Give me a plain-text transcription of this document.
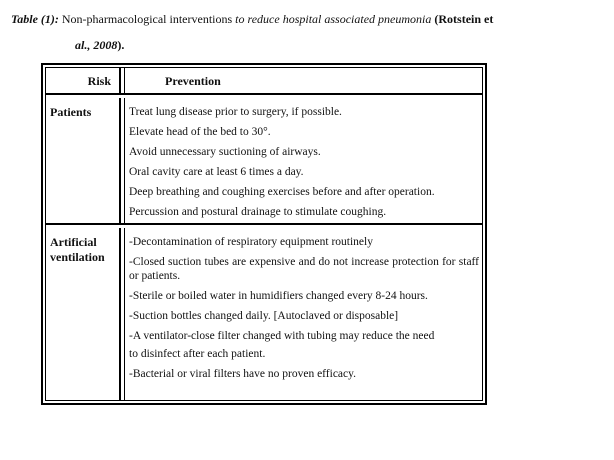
Table (1): Non-pharmacological interventions to reduce hospital associated pneumonia (Rotstein et
al., 2008).
Risk	Prevention
Patients	Treat lung disease prior to surgery, if possible.
Elevate head of the bed to 30°.
Avoid unnecessary suctioning of airways.
Oral cavity care at least 6 times a day.
Deep breathing and coughing exercises before and after operation.
Percussion and postural drainage to stimulate coughing.
Artificial
ventilation
-Decontamination of respiratory equipment routinely
-Closed suction tubes are expensive and do not increase protection for staff or patients.
-Sterile or boiled water in humidifiers changed every 8-24 hours.
-Suction bottles changed daily. [Autoclaved or disposable]
-A ventilator-close filter changed with tubing may reduce the need
to disinfect after each patient.
-Bacterial or viral filters have no proven efficacy.
